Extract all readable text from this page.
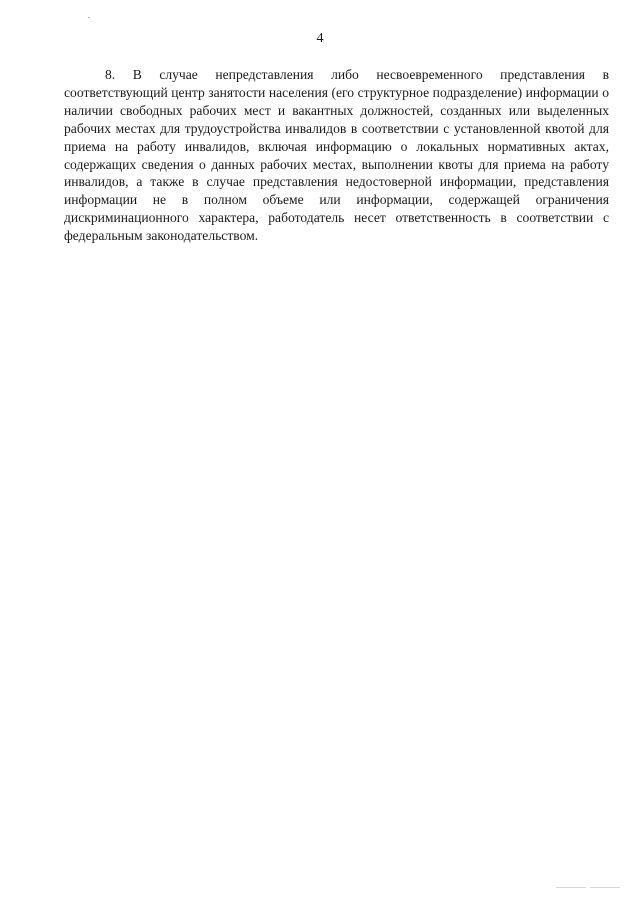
4

8. В случае непредставления либо несвоевременного представления в соответствующий центр занятости населения (его структурное подразделение) информации о наличии свободных рабочих мест и вакантных должностей, созданных или выделенных рабочих местах для трудоустройства инвалидов в соответствии с установленной квотой для приема на работу инвалидов, включая информацию о локальных нормативных актах, содержащих сведения о данных рабочих местах, выполнении квоты для приема на работу инвалидов, а также в случае представления недостоверной информации, представления информации не в полном объеме или информации, содержащей ограничения дискриминационного характера, работодатель несет ответственность в соответствии с федеральным законодательством.
